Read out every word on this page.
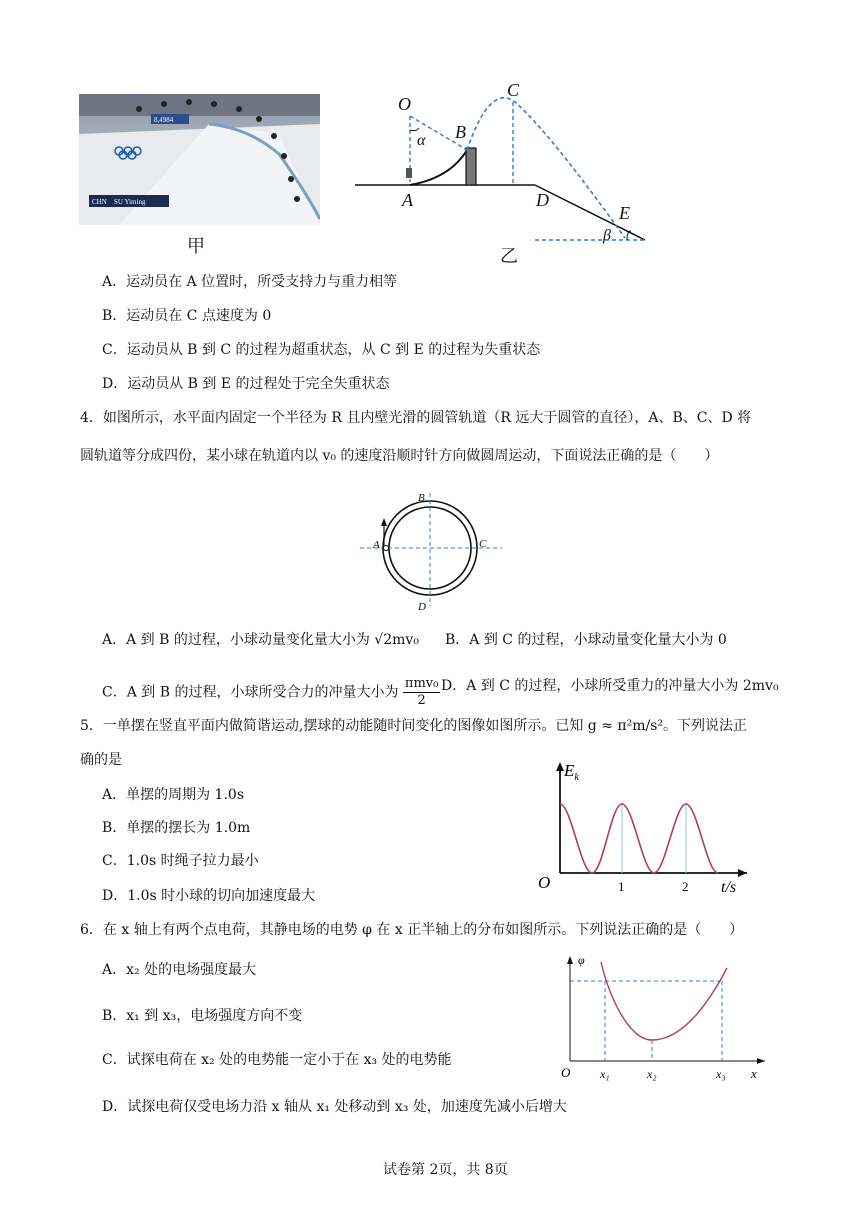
8,4984
CHN SU Yiming
甲
O
B
C
A	D
E
α
β
乙
A．运动员在 A 位置时，所受支持力与重力相等
B．运动员在 C 点速度为 0
C．运动员从 B 到 C 的过程为超重状态，从 C 到 E 的过程为失重状态
D．运动员从 B 到 E 的过程处于完全失重状态
4．如图所示，水平面内固定一个半径为 R 且内壁光滑的圆管轨道（R 远大于圆管的直径），A、B、C、D 将
圆轨道等分成四份，某小球在轨道内以 v₀ 的速度沿顺时针方向做圆周运动，下面说法正确的是（　　）
B
A	C
D
A．A 到 B 的过程，小球动量变化量大小为 √2mv₀ B．A 到 C 的过程，小球动量变化量大小为 0
C．A 到 B 的过程，小球所受合力的冲量大小为
πmv₀
2
D．A 到 C 的过程，小球所受重力的冲量大小为 2mv₀
5．一单摆在竖直平面内做简谐运动,摆球的动能随时间变化的图像如图所示。已知 g ≈ π²m/s²。下列说法正
确的是
A．单摆的周期为 1.0s
B．单摆的摆长为 1.0m
C．1.0s 时绳子拉力最小
D．1.0s 时小球的切向加速度最大
$E_k$
O	1	2 t/s
6．在 x 轴上有两个点电荷，其静电场的电势 φ 在 x 正半轴上的分布如图所示。下列说法正确的是（　　）
A．x₂ 处的电场强度最大
B．x₁ 到 x₃，电场强度方向不变
C．试探电荷在 x₂ 处的电势能一定小于在 x₃ 处的电势能
D．试探电荷仅受电场力沿 x 轴从 x₁ 处移动到 x₃ 处，加速度先减小后增大
φ
O x₁	x₂	x₃ x
试卷第 2页，共 8页
